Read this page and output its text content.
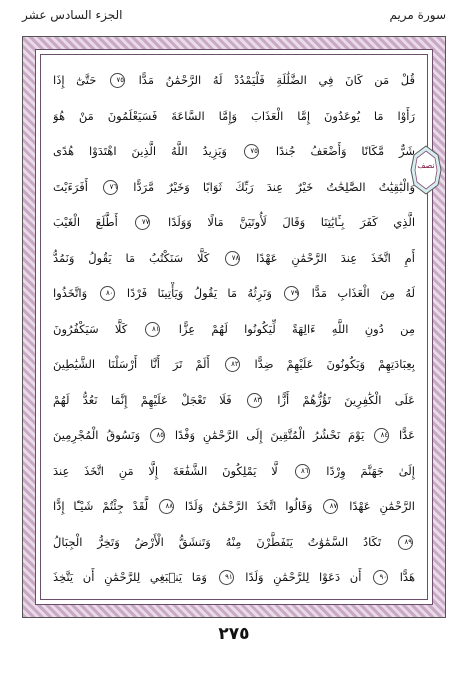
الجزء السادس عشر	سورة مريم
قُلْ مَن كَانَ فِي الضَّلَٰلَةِ فَلْيَمْدُدْ لَهُ الرَّحْمَٰنُ مَدًّا ٧٥ حَتَّىٰٓ إِذَا
رَأَوْا مَا يُوعَدُونَ إِمَّا الْعَذَابَ وَإِمَّا السَّاعَةَ فَسَيَعْلَمُونَ مَنْ هُوَ
شَرٌّ مَّكَانًا وَأَضْعَفُ جُندًا ٧٥ وَيَزِيدُ اللَّهُ الَّذِينَ اهْتَدَوْا هُدًى
وَالْبَٰقِيَٰتُ الصَّٰلِحَٰتُ خَيْرٌ عِندَ رَبِّكَ ثَوَابًا وَخَيْرٌ مَّرَدًّا ٧٦ أَفَرَءَيْتَ
الَّذِي كَفَرَ بِـَٔايَٰتِنَا وَقَالَ لَأُوتَيَنَّ مَالًا وَوَلَدًا ٧٧ أَطَّلَعَ الْغَيْبَ
أَمِ اتَّخَذَ عِندَ الرَّحْمَٰنِ عَهْدًا ٧٨ كَلَّا سَنَكْتُبُ مَا يَقُولُ وَنَمُدُّ
لَهُ مِنَ الْعَذَابِ مَدًّا ٧٩ وَنَرِثُهُ مَا يَقُولُ وَيَأْتِينَا فَرْدًا ٨٠ وَاتَّخَذُوا
مِن دُونِ اللَّهِ ءَالِهَةً لِّيَكُونُوا لَهُمْ عِزًّا ٨١ كَلَّا سَيَكْفُرُونَ
بِعِبَادَتِهِمْ وَيَكُونُونَ عَلَيْهِمْ ضِدًّا ٨٢ أَلَمْ تَرَ أَنَّا أَرْسَلْنَا الشَّيَٰطِينَ
عَلَى الْكَٰفِرِينَ تَؤُزُّهُمْ أَزًّا ٨٣ فَلَا تَعْجَلْ عَلَيْهِمْ إِنَّمَا نَعُدُّ لَهُمْ
عَدًّا ٨٤ يَوْمَ نَحْشُرُ الْمُتَّقِينَ إِلَى الرَّحْمَٰنِ وَفْدًا ٨٥ وَنَسُوقُ الْمُجْرِمِينَ
إِلَىٰ جَهَنَّمَ وِرْدًا ٨٦ لَّا يَمْلِكُونَ الشَّفَٰعَةَ إِلَّا مَنِ اتَّخَذَ عِندَ
الرَّحْمَٰنِ عَهْدًا ٨٧ وَقَالُوا اتَّخَذَ الرَّحْمَٰنُ وَلَدًا ٨٨ لَّقَدْ جِئْتُمْ شَيْـًٔا إِدًّا
٨٩ تَكَادُ السَّمَٰوَٰتُ يَتَفَطَّرْنَ مِنْهُ وَتَنشَقُّ الْأَرْضُ وَتَخِرُّ الْجِبَالُ
هَدًّا ٩٠ أَن دَعَوْا لِلرَّحْمَٰنِ وَلَدًا ٩١ وَمَا يَنۢبَغِي لِلرَّحْمَٰنِ أَن يَتَّخِذَ
نصف
٢٧٥
